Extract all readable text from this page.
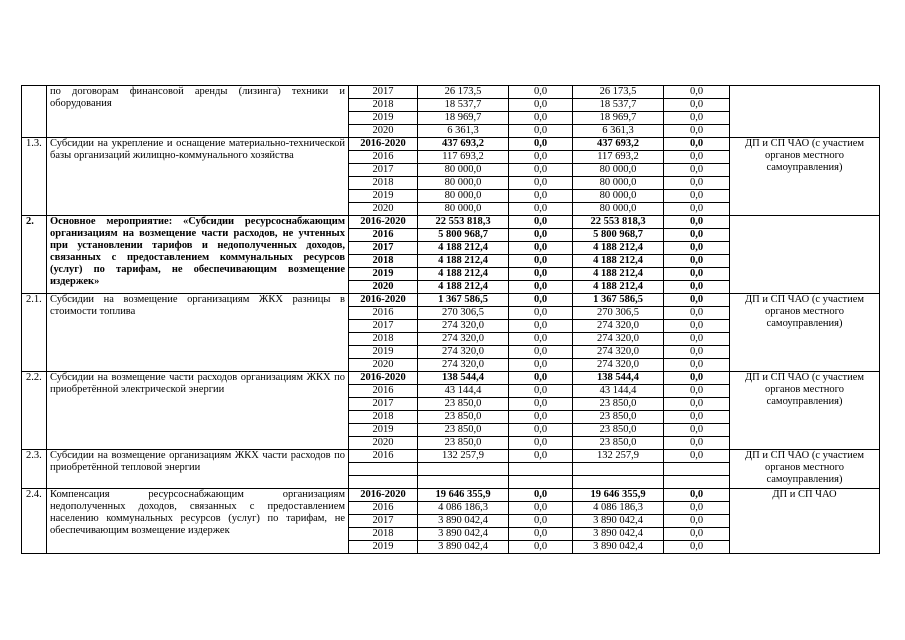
	по договорам финансовой аренды (лизинга) техники и оборудования	2017	26 173,5	0,0	26 173,5	0,0	
		2018	18 537,7	0,0	18 537,7	0,0	
		2019	18 969,7	0,0	18 969,7	0,0	
		2020	6 361,3	0,0	6 361,3	0,0	
1.3.	Субсидии на укрепление и оснащение материально-технической базы организаций жилищно-коммунального хозяйства	2016-2020	437 693,2	0,0	437 693,2	0,0	ДП и СП ЧАО (с участием органов местного самоуправления)
		2016	117 693,2	0,0	117 693,2	0,0	
		2017	80 000,0	0,0	80 000,0	0,0	
		2018	80 000,0	0,0	80 000,0	0,0	
		2019	80 000,0	0,0	80 000,0	0,0	
		2020	80 000,0	0,0	80 000,0	0,0	
2.	Основное мероприятие: «Субсидии ресурсоснабжающим организациям на возмещение части расходов, не учтенных при установлении тарифов и недополученных доходов, связанных с предоставлением коммунальных ресурсов (услуг) по тарифам, не обеспечивающим возмещение издержек»	2016-2020	22 553 818,3	0,0	22 553 818,3	0,0	
		2016	5 800 968,7	0,0	5 800 968,7	0,0	
		2017	4 188 212,4	0,0	4 188 212,4	0,0	
		2018	4 188 212,4	0,0	4 188 212,4	0,0	
		2019	4 188 212,4	0,0	4 188 212,4	0,0	
		2020	4 188 212,4	0,0	4 188 212,4	0,0	
2.1.	Субсидии на возмещение организациям ЖКХ разницы в стоимости топлива	2016-2020	1 367 586,5	0,0	1 367 586,5	0,0	ДП и СП ЧАО (с участием органов местного самоуправления)
		2016	270 306,5	0,0	270 306,5	0,0	
		2017	274 320,0	0,0	274 320,0	0,0	
		2018	274 320,0	0,0	274 320,0	0,0	
		2019	274 320,0	0,0	274 320,0	0,0	
		2020	274 320,0	0,0	274 320,0	0,0	
2.2.	Субсидии на возмещение части расходов организациям ЖКХ по приобретённой электрической энергии	2016-2020	138 544,4	0,0	138 544,4	0,0	ДП и СП ЧАО (с участием органов местного самоуправления)
		2016	43 144,4	0,0	43 144,4	0,0	
		2017	23 850,0	0,0	23 850,0	0,0	
		2018	23 850,0	0,0	23 850,0	0,0	
		2019	23 850,0	0,0	23 850,0	0,0	
		2020	23 850,0	0,0	23 850,0	0,0	
2.3.	Субсидии на возмещение организациям ЖКХ части расходов по приобретённой тепловой энергии	2016	132 257,9	0,0	132 257,9	0,0	ДП и СП ЧАО (с участием органов местного самоуправления)

2.4.	Компенсация ресурсоснабжающим организациям недополученных доходов, связанных с предоставлением населению коммунальных ресурсов (услуг) по тарифам, не обеспечивающим возмещение издержек	2016-2020	19 646 355,9	0,0	19 646 355,9	0,0	ДП и СП ЧАО
		2016	4 086 186,3	0,0	4 086 186,3	0,0	
		2017	3 890 042,4	0,0	3 890 042,4	0,0	
		2018	3 890 042,4	0,0	3 890 042,4	0,0	
		2019	3 890 042,4	0,0	3 890 042,4	0,0	
